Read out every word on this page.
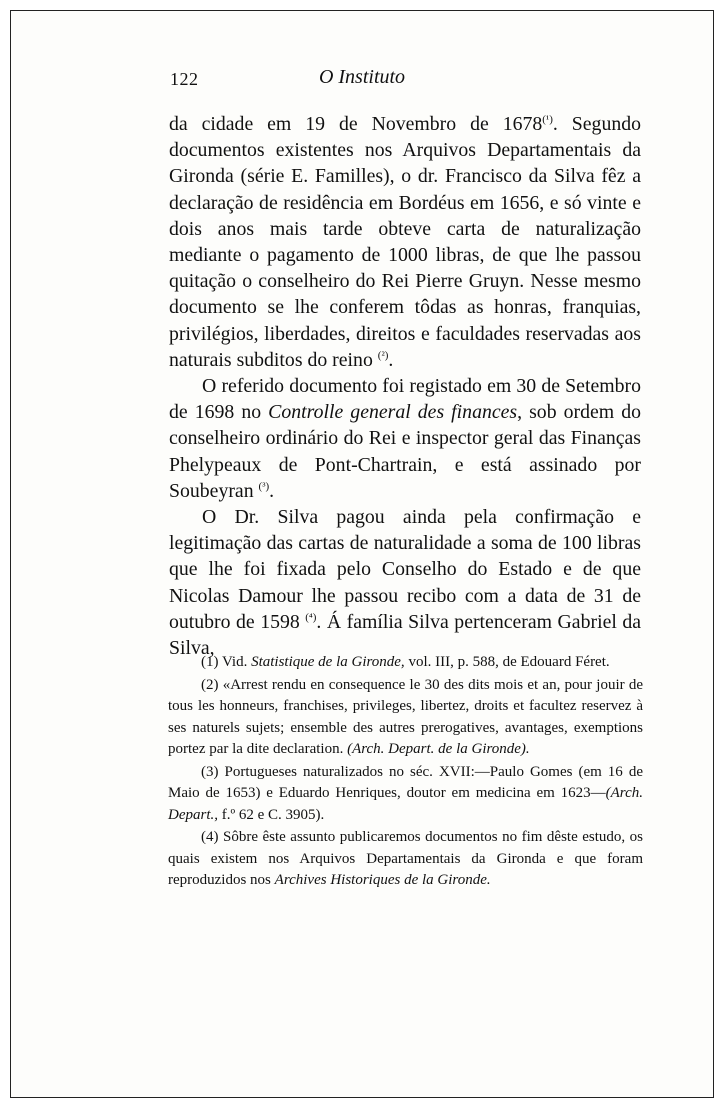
122	O Instituto

da cidade em 19 de Novembro de 1678$^{(^1)}$. Segundo documentos existentes nos Arquivos Departamentais da Gironda (série E. Familles), o dr. Francisco da Silva fêz a declaração de residência em Bordéus em 1656, e só vinte e dois anos mais tarde obteve carta de naturalização mediante o pagamento de 1000 libras, de que lhe passou quitação o conselheiro do Rei Pierre Gruyn. Nesse mesmo documento se lhe conferem tôdas as honras, franquias, privilégios, liberdades, direitos e faculdades reservadas aos naturais subditos do reino $^{(^2)}$.

O referido documento foi registado em 30 de Setembro de 1698 no Controlle general des finances, sob ordem do conselheiro ordinário do Rei e inspector geral das Finanças Phelypeaux de Pont-Chartrain, e está assinado por Soubeyran $^{(^3)}$.

O Dr. Silva pagou ainda pela confirmação e legitimação das cartas de naturalidade a soma de 100 libras que lhe foi fixada pelo Conselho do Estado e de que Nicolas Damour lhe passou recibo com a data de 31 de outubro de 1598 $^{(^4)}$. Á família Silva pertenceram Gabriel da Silva,

(1) Vid. Statistique de la Gironde, vol. III, p. 588, de Edouard Féret.

(2) «Arrest rendu en consequence le 30 des dits mois et an, pour jouir de tous les honneurs, franchises, privileges, libertez, droits et facultez reservez à ses naturels sujets; ensemble des autres prerogatives, avantages, exemptions portez par la dite declaration. (Arch. Depart. de la Gironde).

(3) Portugueses naturalizados no séc. XVII:—Paulo Gomes (em 16 de Maio de 1653) e Eduardo Henriques, doutor em medicina em 1623—(Arch. Depart., f.º 62 e C. 3905).

(4) Sôbre êste assunto publicaremos documentos no fim dêste estudo, os quais existem nos Arquivos Departamentais da Gironda e que foram reproduzidos nos Archives Historiques de la Gironde.
